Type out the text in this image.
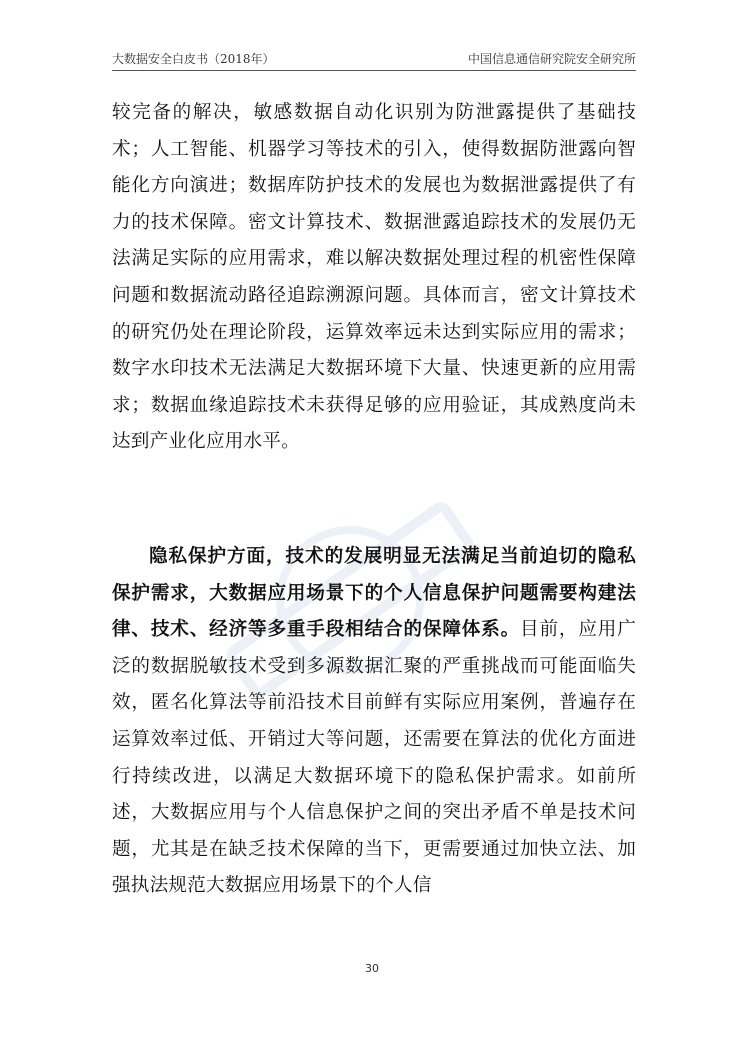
大数据安全白皮书（2018年）	中国信息通信研究院安全研究所

较完备的解决，敏感数据自动化识别为防泄露提供了基础技术；人工智能、机器学习等技术的引入，使得数据防泄露向智能化方向演进；数据库防护技术的发展也为数据泄露提供了有力的技术保障。密文计算技术、数据泄露追踪技术的发展仍无法满足实际的应用需求，难以解决数据处理过程的机密性保障问题和数据流动路径追踪溯源问题。具体而言，密文计算技术的研究仍处在理论阶段，运算效率远未达到实际应用的需求；数字水印技术无法满足大数据环境下大量、快速更新的应用需求；数据血缘追踪技术未获得足够的应用验证，其成熟度尚未达到产业化应用水平。

隐私保护方面，技术的发展明显无法满足当前迫切的隐私保护需求，大数据应用场景下的个人信息保护问题需要构建法律、技术、经济等多重手段相结合的保障体系。目前，应用广泛的数据脱敏技术受到多源数据汇聚的严重挑战而可能面临失效，匿名化算法等前沿技术目前鲜有实际应用案例，普遍存在运算效率过低、开销过大等问题，还需要在算法的优化方面进行持续改进，以满足大数据环境下的隐私保护需求。如前所述，大数据应用与个人信息保护之间的突出矛盾不单是技术问题，尤其是在缺乏技术保障的当下，更需要通过加快立法、加强执法规范大数据应用场景下的个人信

30
